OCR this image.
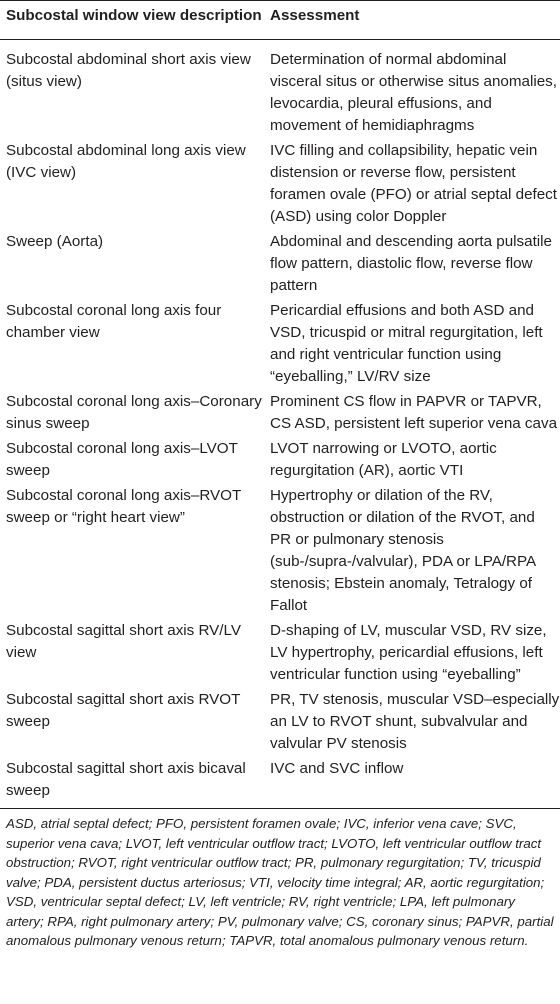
Subcostal window view description	Assessment
Subcostal abdominal short axis view (situs view)	Determination of normal abdominal visceral situs or otherwise situs anomalies, levocardia, pleural effusions, and movement of hemidiaphragms
Subcostal abdominal long axis view (IVC view)	IVC filling and collapsibility, hepatic vein distension or reverse flow, persistent foramen ovale (PFO) or atrial septal defect (ASD) using color Doppler
Sweep (Aorta)	Abdominal and descending aorta pulsatile flow pattern, diastolic flow, reverse flow pattern
Subcostal coronal long axis four chamber view	Pericardial effusions and both ASD and VSD, tricuspid or mitral regurgitation, left and right ventricular function using “eyeballing,” LV/RV size
Subcostal coronal long axis–Coronary sinus sweep	Prominent CS flow in PAPVR or TAPVR, CS ASD, persistent left superior vena cava
Subcostal coronal long axis–LVOT sweep	LVOT narrowing or LVOTO, aortic regurgitation (AR), aortic VTI
Subcostal coronal long axis–RVOT sweep or “right heart view”	Hypertrophy or dilation of the RV, obstruction or dilation of the RVOT, and PR or pulmonary stenosis (sub-/supra-/valvular), PDA or LPA/RPA stenosis; Ebstein anomaly, Tetralogy of Fallot
Subcostal sagittal short axis RV/LV view	D-shaping of LV, muscular VSD, RV size, LV hypertrophy, pericardial effusions, left ventricular function using “eyeballing”
Subcostal sagittal short axis RVOT sweep	PR, TV stenosis, muscular VSD–especially an LV to RVOT shunt, subvalvular and valvular PV stenosis
Subcostal sagittal short axis bicaval sweep	IVC and SVC inflow

ASD, atrial septal defect; PFO, persistent foramen ovale; IVC, inferior vena cave; SVC, superior vena cava; LVOT, left ventricular outflow tract; LVOTO, left ventricular outflow tract obstruction; RVOT, right ventricular outflow tract; PR, pulmonary regurgitation; TV, tricuspid valve; PDA, persistent ductus arteriosus; VTI, velocity time integral; AR, aortic regurgitation; VSD, ventricular septal defect; LV, left ventricle; RV, right ventricle; LPA, left pulmonary artery; RPA, right pulmonary artery; PV, pulmonary valve; CS, coronary sinus; PAPVR, partial anomalous pulmonary venous return; TAPVR, total anomalous pulmonary venous return.
